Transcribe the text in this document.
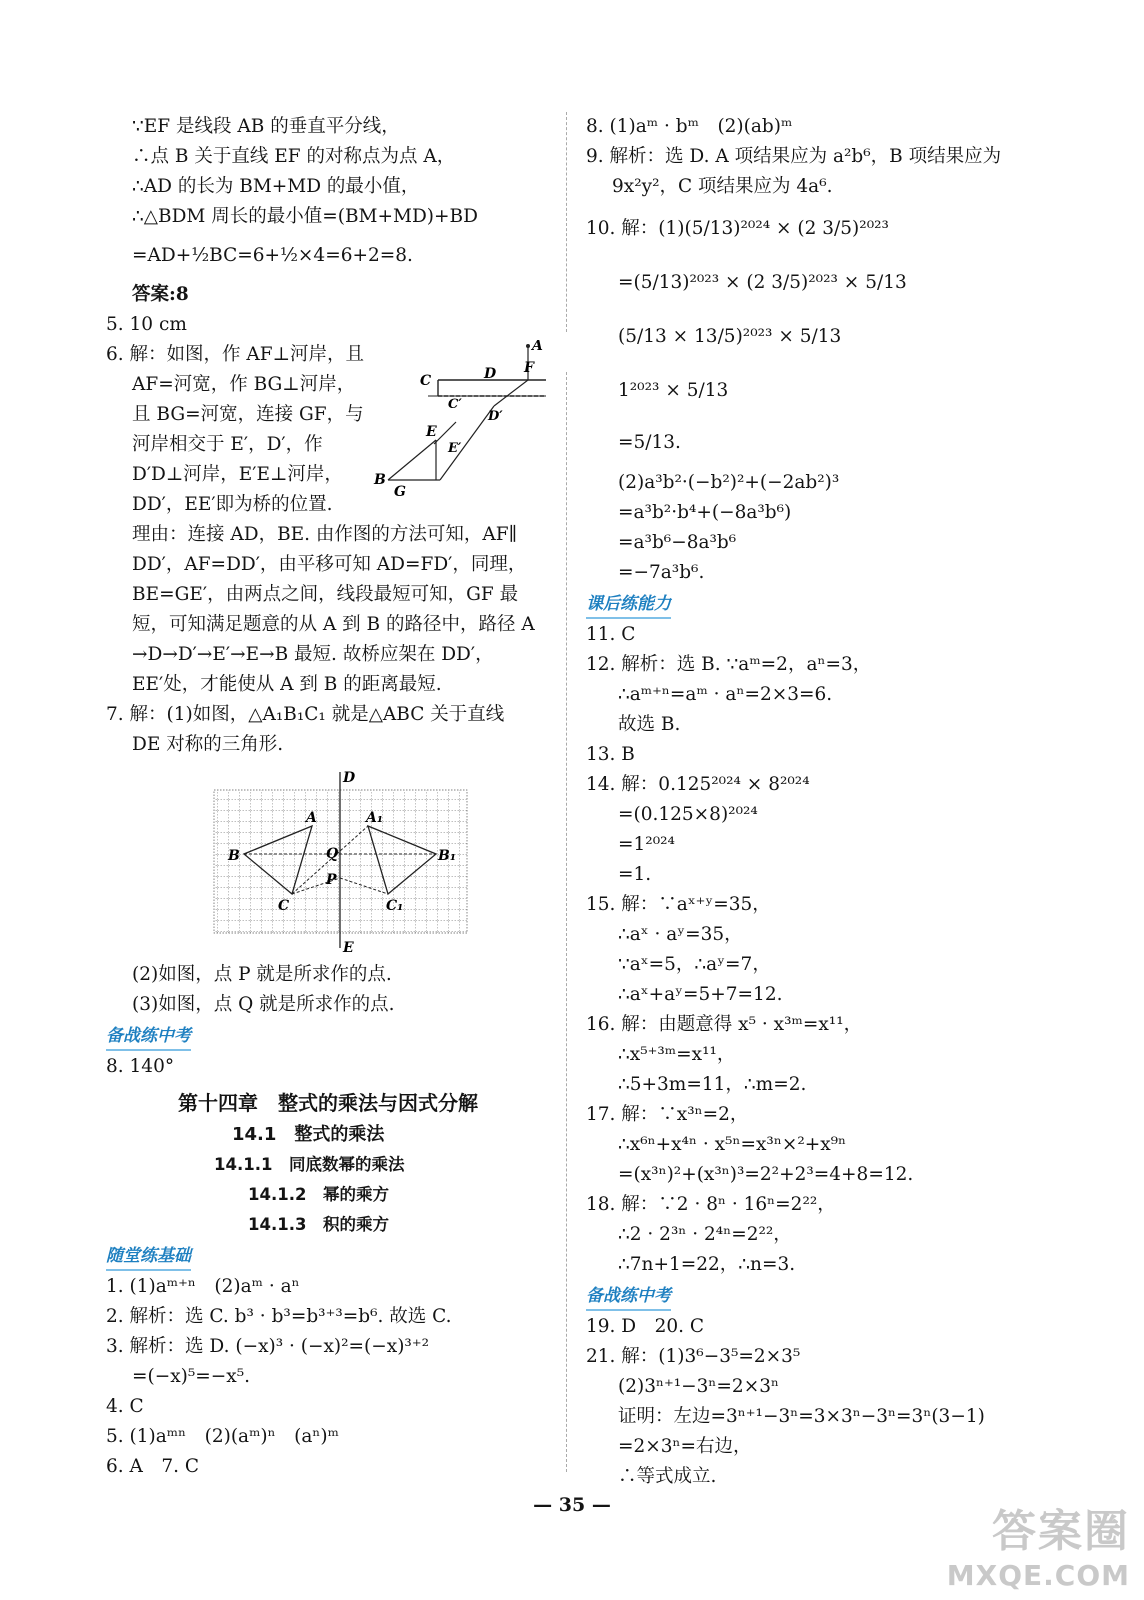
∵EF 是线段 AB 的垂直平分线，
∴点 B 关于直线 EF 的对称点为点 A，
∴AD 的长为 BM+MD 的最小值，
∴△BDM 周长的最小值=(BM+MD)+BD
=AD+½BC=6+½×4=6+2=8.
答案:8
5. 10 cm
6. 解：如图，作 AF⊥河岸，且
AF=河宽，作 BG⊥河岸，
且 BG=河宽，连接 GF，与
河岸相交于 E′，D′，作
D′D⊥河岸，E′E⊥河岸，
DD′，EE′即为桥的位置.
A
F
C	D
C′
D′
E
E′
B
G
理由：连接 AD，BE. 由作图的方法可知，AF∥
DD′，AF=DD′，由平移可知 AD=FD′，同理，
BE=GE′，由两点之间，线段最短可知，GF 最
短，可知满足题意的从 A 到 B 的路径中，路径 A
→D→D′→E′→E→B 最短. 故桥应架在 DD′，
EE′处，才能使从 A 到 B 的距离最短.
7. 解：(1)如图，△A₁B₁C₁ 就是△ABC 关于直线
DE 对称的三角形.
D
E
A	A₁
B	B₁
C	C₁
Q
P
(2)如图，点 P 就是所求作的点.
(3)如图，点 Q 就是所求作的点.
备战练中考
8. 140°
第十四章　整式的乘法与因式分解
14.1　整式的乘法
14.1.1　同底数幂的乘法
14.1.2　幂的乘方
14.1.3　积的乘方
随堂练基础
1. (1)aᵐ⁺ⁿ　(2)aᵐ · aⁿ
2. 解析：选 C. b³ · b³=b³⁺³=b⁶. 故选 C.
3. 解析：选 D. (−x)³ · (−x)²=(−x)³⁺²
=(−x)⁵=−x⁵.
4. C
5. (1)aᵐⁿ　(2)(aᵐ)ⁿ　(aⁿ)ᵐ
6. A　7. C
8. (1)aᵐ · bᵐ　(2)(ab)ᵐ
9. 解析：选 D. A 项结果应为 a²b⁶，B 项结果应为
9x²y²，C 项结果应为 4a⁶.
10. 解：(1)(5/13)²⁰²⁴ × (2 3/5)²⁰²³
=(5/13)²⁰²³ × (2 3/5)²⁰²³ × 5/13
(5/13 × 13/5)²⁰²³ × 5/13
1²⁰²³ × 5/13
=5/13.
(2)a³b²·(−b²)²+(−2ab²)³
=a³b²·b⁴+(−8a³b⁶)
=a³b⁶−8a³b⁶
=−7a³b⁶.
课后练能力
11. C
12. 解析：选 B. ∵aᵐ=2，aⁿ=3，
∴aᵐ⁺ⁿ=aᵐ · aⁿ=2×3=6.
故选 B.
13. B
14. 解：0.125²⁰²⁴ × 8²⁰²⁴
=(0.125×8)²⁰²⁴
=1²⁰²⁴
=1.
15. 解：∵aˣ⁺ʸ=35，
∴aˣ · aʸ=35，
∵aˣ=5，∴aʸ=7，
∴aˣ+aʸ=5+7=12.
16. 解：由题意得 x⁵ · x³ᵐ=x¹¹，
∴x⁵⁺³ᵐ=x¹¹，
∴5+3m=11，∴m=2.
17. 解：∵x³ⁿ=2，
∴x⁶ⁿ+x⁴ⁿ · x⁵ⁿ=x³ⁿ×²+x⁹ⁿ
=(x³ⁿ)²+(x³ⁿ)³=2²+2³=4+8=12.
18. 解：∵2 · 8ⁿ · 16ⁿ=2²²，
∴2 · 2³ⁿ · 2⁴ⁿ=2²²，
∴7n+1=22，∴n=3.
备战练中考
19. D　20. C
21. 解：(1)3⁶−3⁵=2×3⁵
(2)3ⁿ⁺¹−3ⁿ=2×3ⁿ
证明：左边=3ⁿ⁺¹−3ⁿ=3×3ⁿ−3ⁿ=3ⁿ(3−1)
=2×3ⁿ=右边，
∴等式成立.
— 35 —
答案圈
MXQE.COM
